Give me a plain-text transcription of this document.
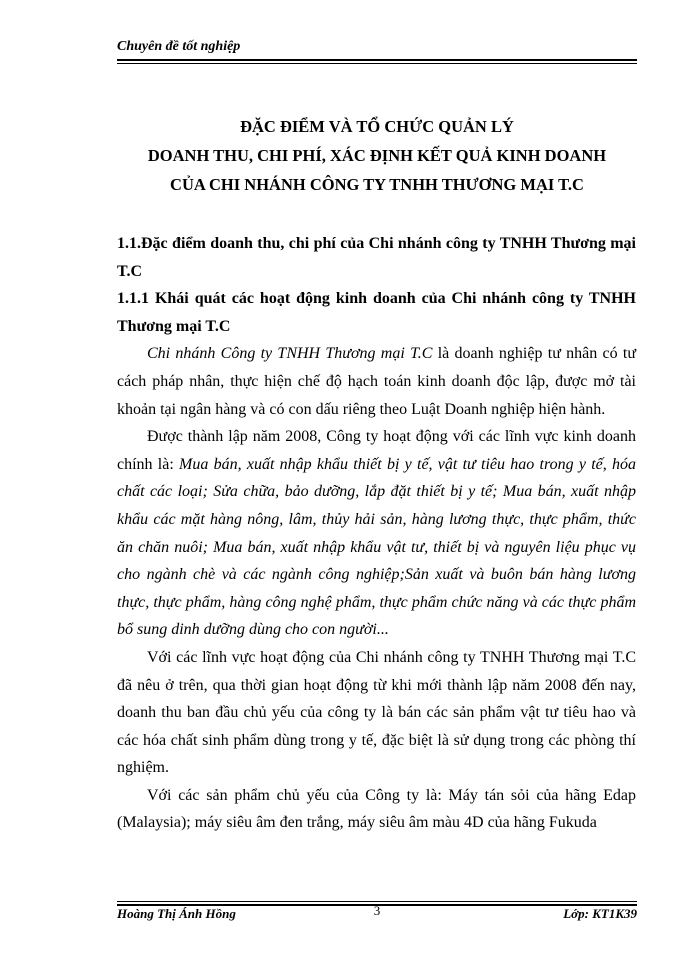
Chuyên đề tốt nghiệp
ĐẶC ĐIỂM VÀ TỔ CHỨC QUẢN LÝ
DOANH THU, CHI PHÍ, XÁC ĐỊNH KẾT QUẢ KINH DOANH
CỦA CHI NHÁNH CÔNG TY TNHH THƯƠNG MẠI T.C

1.1.Đặc điểm doanh thu, chi phí của Chi nhánh công ty TNHH Thương mại T.C

1.1.1 Khái quát các hoạt động kinh doanh của Chi nhánh công ty TNHH Thương mại T.C

Chi nhánh Công ty TNHH Thương mại T.C là doanh nghiệp tư nhân có tư cách pháp nhân, thực hiện chế độ hạch toán kinh doanh độc lập, được mở tài khoản tại ngân hàng và có con dấu riêng theo Luật Doanh nghiệp hiện hành.

Được thành lập năm 2008, Công ty hoạt động với các lĩnh vực kinh doanh chính là: Mua bán, xuất nhập khẩu thiết bị y tế, vật tư tiêu hao trong y tế, hóa chất các loại; Sửa chữa, bảo dưỡng, lắp đặt thiết bị y tế; Mua bán, xuất nhập khẩu các mặt hàng nông, lâm, thủy hải sản, hàng lương thực, thực phẩm, thức ăn chăn nuôi; Mua bán, xuất nhập khẩu vật tư, thiết bị và nguyên liệu phục vụ cho ngành chè và các ngành công nghiệp;Sản xuất và buôn bán hàng lương thực, thực phẩm, hàng công nghệ phẩm, thực phẩm chức năng và các thực phẩm bổ sung dinh dưỡng dùng cho con người...

Với các lĩnh vực hoạt động của Chi nhánh công ty TNHH Thương mại T.C đã nêu ở trên, qua thời gian hoạt động từ khi mới thành lập năm 2008 đến nay, doanh thu ban đầu chủ yếu của công ty là bán các sản phẩm vật tư tiêu hao và các hóa chất sinh phẩm dùng trong y tế, đặc biệt là sử dụng trong các phòng thí nghiệm.

Với các sản phẩm chủ yếu của Công ty là: Máy tán sỏi của hãng Edap (Malaysia); máy siêu âm đen trắng, máy siêu âm màu 4D của hãng Fukuda

Hoàng Thị Ánh Hồng	3	Lớp: KT1K39
